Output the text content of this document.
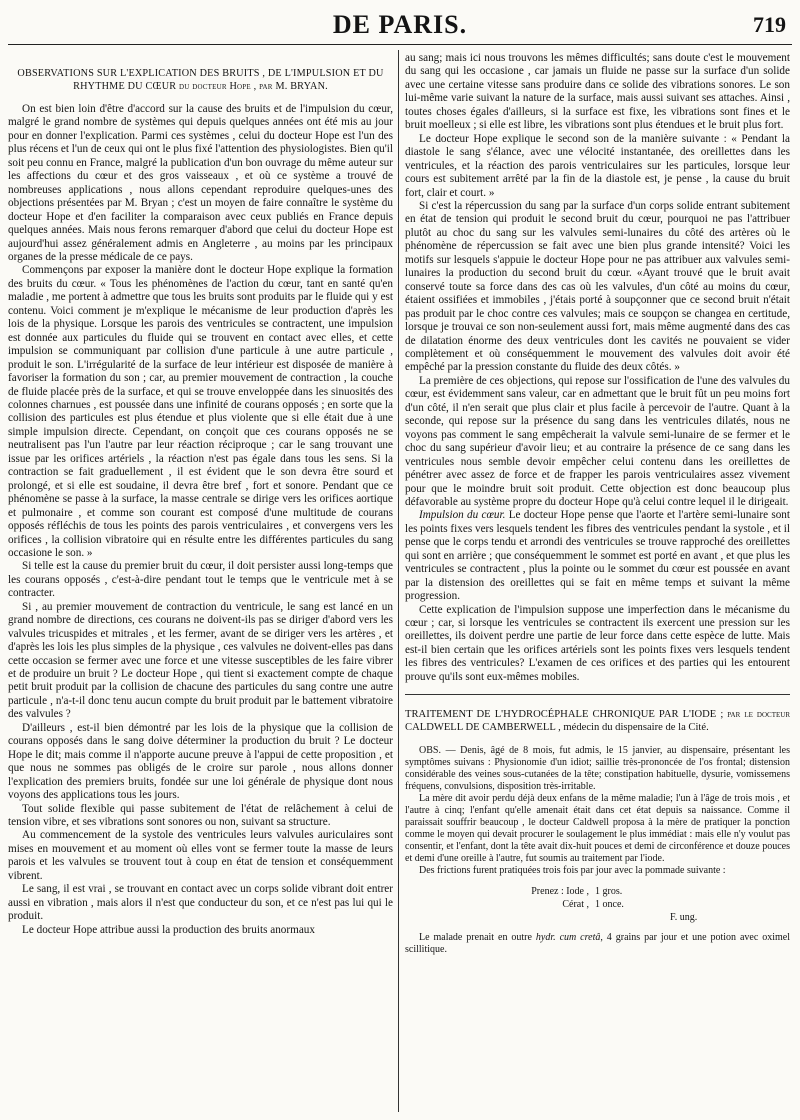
DE PARIS.	719
OBSERVATIONS SUR L'EXPLICATION DES BRUITS , DE L'IMPULSION ET DU RHYTHME DU CŒUR du docteur Hope , par M. BRYAN.

On est bien loin d'être d'accord sur la cause des bruits et de l'impulsion du cœur, malgré le grand nombre de systèmes qui depuis quelques années ont été mis au jour pour en donner l'explication. Parmi ces systèmes , celui du docteur Hope est l'un des plus récens et l'un de ceux qui ont le plus fixé l'attention des physiologistes. Bien qu'il soit peu connu en France, malgré la publication d'un bon ouvrage du même auteur sur les affections du cœur et des gros vaisseaux , et où ce système a trouvé de nombreuses applications , nous allons cependant reproduire quelques-unes des objections présentées par M. Bryan ; c'est un moyen de faire connaître le système du docteur Hope et d'en faciliter la comparaison avec ceux publiés en France depuis quelques années. Mais nous ferons remarquer d'abord que celui du docteur Hope est aujourd'hui assez généralement admis en Angleterre , au moins par les principaux organes de la presse médicale de ce pays.

Commençons par exposer la manière dont le docteur Hope explique la formation des bruits du cœur. « Tous les phénomènes de l'action du cœur, tant en santé qu'en maladie , me portent à admettre que tous les bruits sont produits par le fluide qui y est contenu. Voici comment je m'explique le mécanisme de leur production d'après les lois de la physique. Lorsque les parois des ventricules se contractent, une impulsion est donnée aux particules du fluide qui se trouvent en contact avec elles, et cette impulsion se communiquant par collision d'une particule à une autre particule , produit le son. L'irrégularité de la surface de leur intérieur est disposée de manière à favoriser la formation du son ; car, au premier mouvement de contraction , la couche de fluide placée près de la surface, et qui se trouve enveloppée dans les sinuosités des colonnes charnues , est poussée dans une infinité de courans opposés ; en sorte que la collision des particules est plus étendue et plus violente que si elle était due à une simple impulsion directe. Cependant, on conçoit que ces courans opposés ne se neutralisent pas l'un l'autre par leur réaction réciproque ; car le sang trouvant une issue par les orifices artériels , la réaction n'est pas égale dans tous les sens. Si la contraction se fait graduellement , il est évident que le son devra être sourd et prolongé, et si elle est soudaine, il devra être bref , fort et sonore. Pendant que ce phénomène se passe à la surface, la masse centrale se dirige vers les orifices aortique et pulmonaire , et comme son courant est composé d'une multitude de courans opposés réfléchis de tous les points des parois ventriculaires , et convergens vers les orifices , la collision vibratoire qui en résulte entre les différentes particules du sang occasione le son. »

Si telle est la cause du premier bruit du cœur, il doit persister aussi long-temps que les courans opposés , c'est-à-dire pendant tout le temps que le ventricule met à se contracter.

Si , au premier mouvement de contraction du ventricule, le sang est lancé en un grand nombre de directions, ces courans ne doivent-ils pas se diriger d'abord vers les valvules tricuspides et mitrales , et les fermer, avant de se diriger vers les artères , et d'après les lois les plus simples de la physique , ces valvules ne doivent-elles pas dans cette occasion se fermer avec une force et une vitesse susceptibles de les faire vibrer et de produire un bruit ? Le docteur Hope , qui tient si exactement compte de chaque petit bruit produit par la collision de chacune des particules du sang contre une autre particule , n'a-t-il donc tenu aucun compte du bruit produit par le battement vibratoire des valvules ?

D'ailleurs , est-il bien démontré par les lois de la physique que la collision de courans opposés dans le sang doive déterminer la production du bruit ? Le docteur Hope le dit; mais comme il n'apporte aucune preuve à l'appui de cette proposition , et que nous ne sommes pas obligés de le croire sur parole , nous allons donner l'explication des premiers bruits, fondée sur une loi générale de physique dont nous voyons des applications tous les jours.

Tout solide flexible qui passe subitement de l'état de relâchement à celui de tension vibre, et ses vibrations sont sonores ou non, suivant sa structure.

Au commencement de la systole des ventricules leurs valvules auriculaires sont mises en mouvement et au moment où elles vont se fermer toute la masse de leurs parois et les valvules se trouvent tout à coup en état de tension et conséquemment vibrent.

Le sang, il est vrai , se trouvant en contact avec un corps solide vibrant doit entrer aussi en vibration , mais alors il n'est que conducteur du son, et ce n'est pas lui qui le produit.

Le docteur Hope attribue aussi la production des bruits anormaux

au sang; mais ici nous trouvons les mêmes difficultés; sans doute c'est le mouvement du sang qui les occasione , car jamais un fluide ne passe sur la surface d'un solide avec une certaine vitesse sans produire dans ce solide des vibrations sonores. Le son lui-même varie suivant la nature de la surface, mais aussi suivant ses attaches. Ainsi , toutes choses égales d'ailleurs, si la surface est fixe, les vibrations sont fines et le bruit moelleux ; si elle est libre, les vibrations sont plus étendues et le bruit plus fort.

Le docteur Hope explique le second son de la manière suivante : « Pendant la diastole le sang s'élance, avec une vélocité instantanée, des oreillettes dans les ventricules, et la réaction des parois ventriculaires sur les particules, lorsque leur cours est subitement arrêté par la fin de la diastole est, je pense , la cause du bruit fort, clair et court. »

Si c'est la répercussion du sang par la surface d'un corps solide entrant subitement en état de tension qui produit le second bruit du cœur, pourquoi ne pas l'attribuer plutôt au choc du sang sur les valvules semi-lunaires du côté des artères où le phénomène de répercussion se fait avec une bien plus grande intensité? Voici les motifs sur lesquels s'appuie le docteur Hope pour ne pas attribuer aux valvules semi-lunaires la production du second bruit du cœur. «Ayant trouvé que le bruit avait conservé toute sa force dans des cas où les valvules, d'un côté au moins du cœur, étaient ossifiées et immobiles , j'étais porté à soupçonner que ce second bruit n'était pas produit par le choc contre ces valvules; mais ce soupçon se changea en certitude, lorsque je trouvai ce son non-seulement aussi fort, mais même augmenté dans des cas de dilatation énorme des deux ventricules dont les cavités ne pouvaient se vider complètement et où conséquemment le mouvement des valvules doit avoir été empêché par la pression constante du fluide des deux côtés. »

La première de ces objections, qui repose sur l'ossification de l'une des valvules du cœur, est évidemment sans valeur, car en admettant que le bruit fût un peu moins fort d'un côté, il n'en serait que plus clair et plus facile à percevoir de l'autre. Quant à la seconde, qui repose sur la présence du sang dans les ventricules dilatés, nous ne voyons pas comment le sang empêcherait la valvule semi-lunaire de se fermer et le choc du sang supérieur d'avoir lieu; et au contraire la présence de ce sang dans les ventricules nous semble devoir empêcher celui contenu dans les oreillettes de pénétrer avec assez de force et de frapper les parois ventriculaires assez vivement pour que le moindre bruit soit produit. Cette objection est donc beaucoup plus défavorable au système propre du docteur Hope qu'à celui contre lequel il le dirigeait.

Impulsion du cœur. Le docteur Hope pense que l'aorte et l'artère semi-lunaire sont les points fixes vers lesquels tendent les fibres des ventricules pendant la systole , et il pense que le corps tendu et arrondi des ventricules se trouve rapproché des oreillettes qui sont en arrière ; que conséquemment le sommet est porté en avant , et que plus les ventricules se contractent , plus la pointe ou le sommet du cœur est poussée en avant par la distension des oreillettes qui se fait en même temps et suivant la même progression.

Cette explication de l'impulsion suppose une imperfection dans le mécanisme du cœur ; car, si lorsque les ventricules se contractent ils exercent une pression sur les oreillettes, ils doivent perdre une partie de leur force dans cette espèce de lutte. Mais est-il bien certain que les orifices artériels sont les points fixes vers lesquels tendent les fibres des ventricules? L'examen de ces orifices et des parties qui les entourent prouve qu'ils sont eux-mêmes mobiles.

TRAITEMENT DE L'HYDROCÉPHALE CHRONIQUE PAR L'IODE ; par le docteur CALDWELL DE CAMBERWELL , médecin du dispensaire de la Cité.

OBS. — Denis, âgé de 8 mois, fut admis, le 15 janvier, au dispensaire, présentant les symptômes suivans : Physionomie d'un idiot; saillie très-prononcée de l'os frontal; distension considérable des veines sous-cutanées de la tête; constipation habituelle, dysurie, vomissemens fréquens, convulsions, disposition très-irritable.

La mère dit avoir perdu déjà deux enfans de la même maladie; l'un à l'âge de trois mois , et l'autre à cinq; l'enfant qu'elle amenait était dans cet état depuis sa naissance. Comme il paraissait souffrir beaucoup , le docteur Caldwell proposa à la mère de pratiquer la ponction comme le moyen qui devait procurer le soulagement le plus immédiat : mais elle n'y voulut pas consentir, et l'enfant, dont la tête avait dix-huit pouces et demi de circonférence et douze pouces et demi d'une oreille à l'autre, fut soumis au traitement par l'iode.

Des frictions furent pratiquées trois fois par jour avec la pommade suivante :

Prenez : Iode , 1 gros.
Cérat , 1 once.
F. ung.

Le malade prenait en outre hydr. cum cretâ, 4 grains par jour et une potion avec oximel scillitique.
